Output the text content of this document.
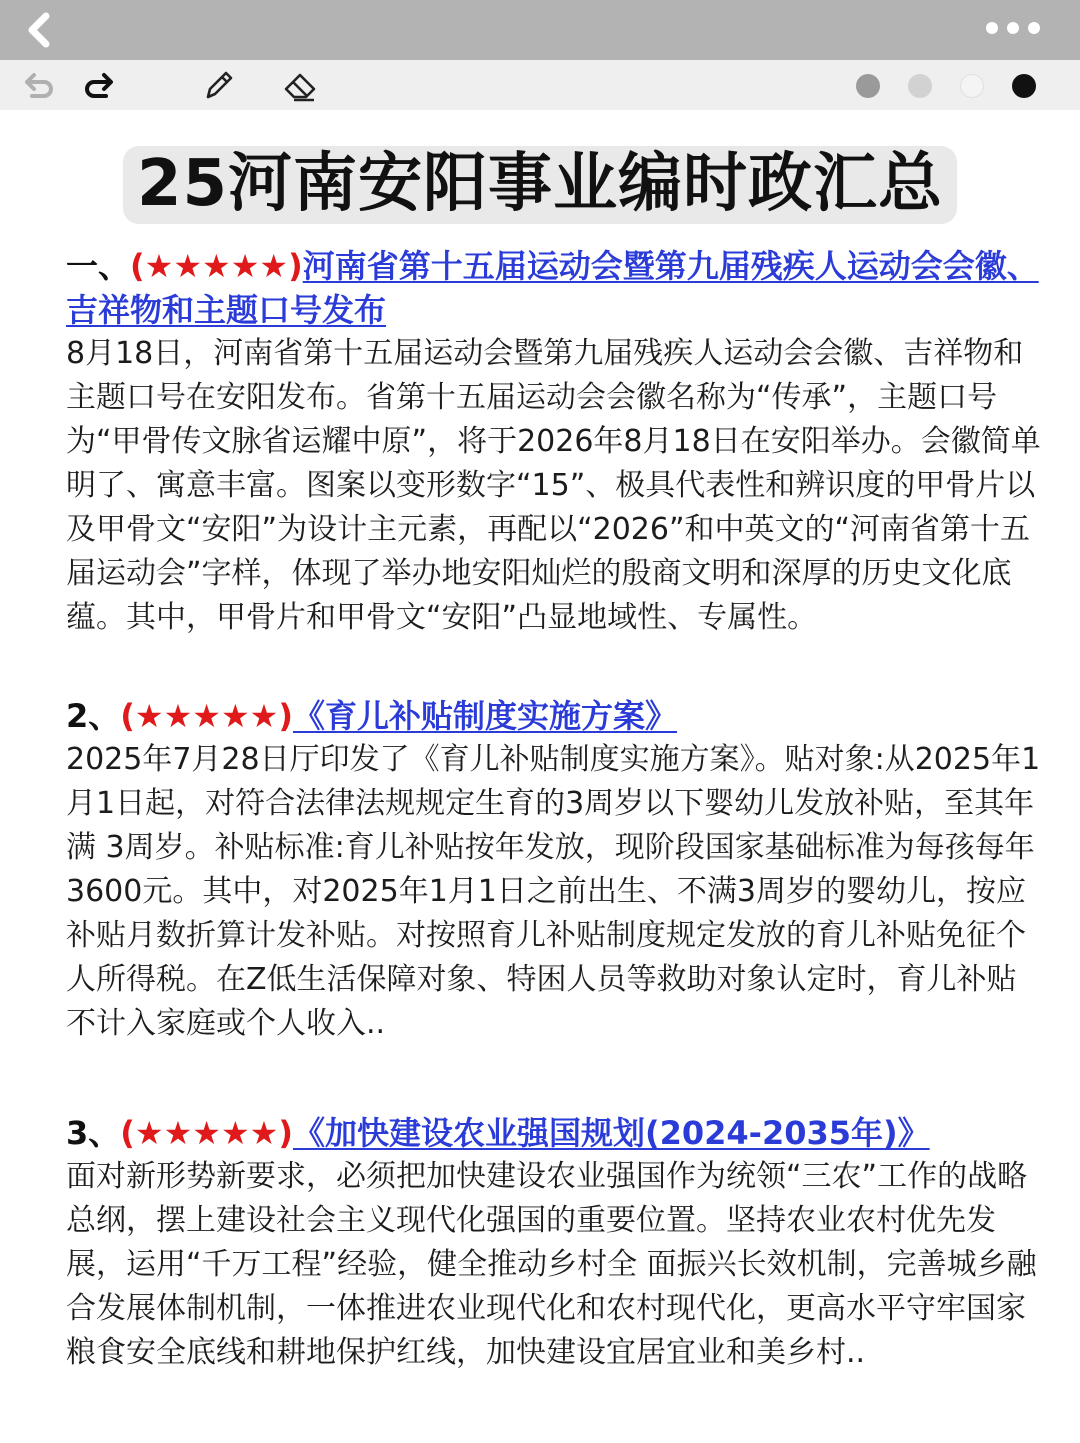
25河南安阳事业编时政汇总
一、(★★★★★)河南省第十五届运动会暨第九届残疾人运动会会徽、吉祥物和主题口号发布
8月18日，河南省第十五届运动会暨第九届残疾人运动会会徽、吉祥物和主题口号在安阳发布。省第十五届运动会会徽名称为“传承”，主题口号为“甲骨传文脉省运耀中原”，将于2026年8月18日在安阳举办。会徽简单明了、寓意丰富。图案以变形数字“15”、极具代表性和辨识度的甲骨片以及甲骨文“安阳”为设计主元素，再配以“2026”和中英文的“河南省第十五届运动会”字样，体现了举办地安阳灿烂的殷商文明和深厚的历史文化底蕴。其中，甲骨片和甲骨文“安阳”凸显地域性、专属性。
2、(★★★★★)《育儿补贴制度实施方案》
2025年7月28日厅印发了《育儿补贴制度实施方案》。贴对象:从2025年1月1日起，对符合法律法规规定生育的3周岁以下婴幼儿发放补贴，至其年满 3周岁。补贴标准:育儿补贴按年发放，现阶段国家基础标准为每孩每年3600元。其中，对2025年1月1日之前出生、不满3周岁的婴幼儿，按应补贴月数折算计发补贴。对按照育儿补贴制度规定发放的育儿补贴免征个人所得税。在Z低生活保障对象、特困人员等救助对象认定时，育儿补贴不计入家庭或个人收入..
3、(★★★★★)《加快建设农业强国规划(2024-2035年)》
面对新形势新要求，必须把加快建设农业强国作为统领“三农”工作的战略总纲，摆上建设社会主义现代化强国的重要位置。坚持农业农村优先发展，运用“千万工程”经验，健全推动乡村全 面振兴长效机制，完善城乡融合发展体制机制，一体推进农业现代化和农村现代化，更高水平守牢国家粮食安全底线和耕地保护红线，加快建设宜居宜业和美乡村..
